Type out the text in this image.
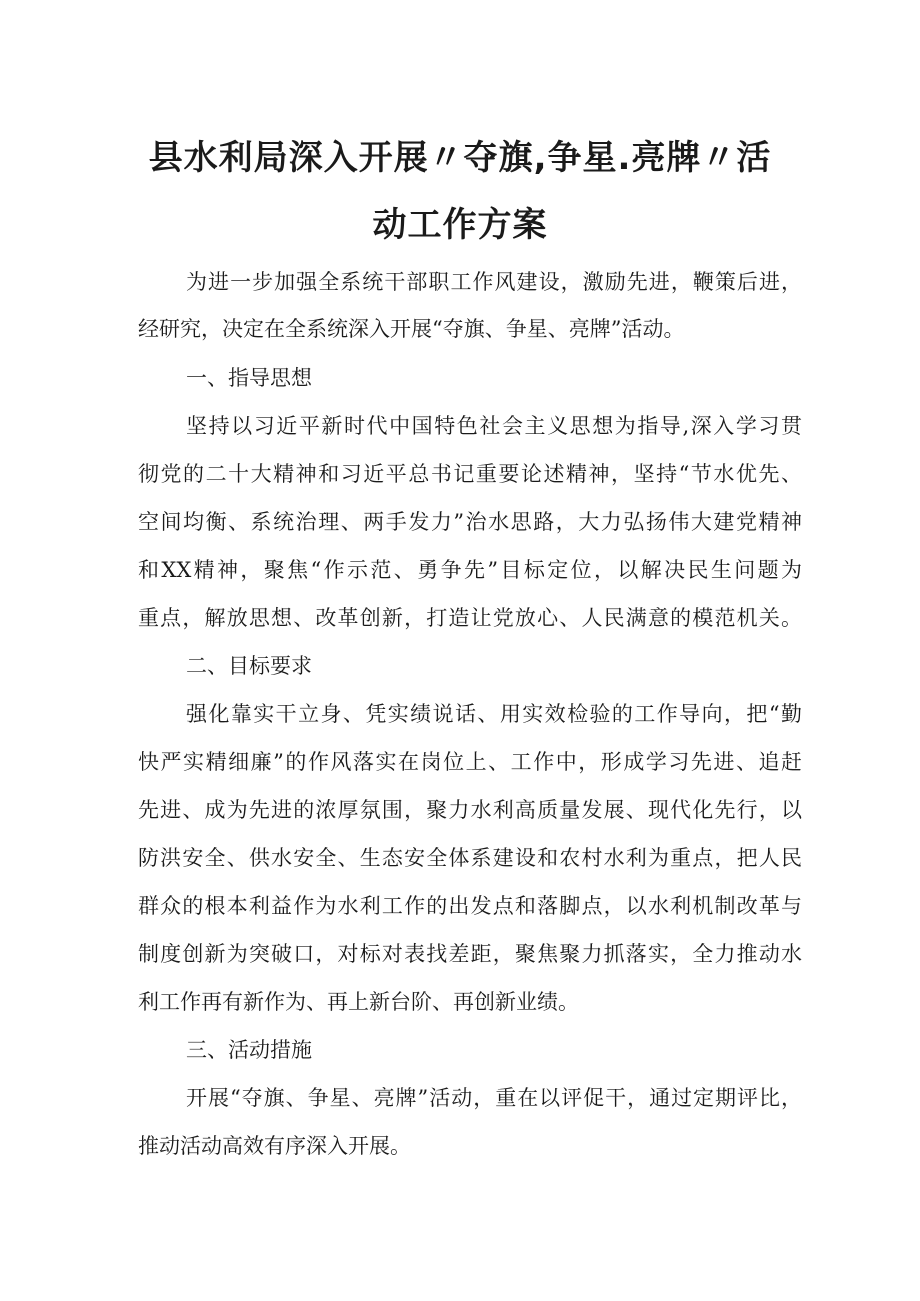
县水利局深入开展〃夺旗,争星.亮牌〃活
动工作方案

为进一步加强全系统干部职工作风建设，激励先进，鞭策后进，

经研究，决定在全系统深入开展“夺旗、争星、亮牌”活动。

一、指导思想

坚持以习近平新时代中国特色社会主义思想为指导,深入学习贯

彻党的二十大精神和习近平总书记重要论述精神，坚持“节水优先、

空间均衡、系统治理、两手发力”治水思路，大力弘扬伟大建党精神

和XX精神，聚焦“作示范、勇争先”目标定位，以解决民生问题为

重点，解放思想、改革创新，打造让党放心、人民满意的模范机关。

二、目标要求

强化靠实干立身、凭实绩说话、用实效检验的工作导向，把“勤

快严实精细廉”的作风落实在岗位上、工作中，形成学习先进、追赶

先进、成为先进的浓厚氛围，聚力水利高质量发展、现代化先行，以

防洪安全、供水安全、生态安全体系建设和农村水利为重点，把人民

群众的根本利益作为水利工作的出发点和落脚点，以水利机制改革与

制度创新为突破口，对标对表找差距，聚焦聚力抓落实，全力推动水

利工作再有新作为、再上新台阶、再创新业绩。

三、活动措施

开展“夺旗、争星、亮牌”活动，重在以评促干，通过定期评比，

推动活动高效有序深入开展。
